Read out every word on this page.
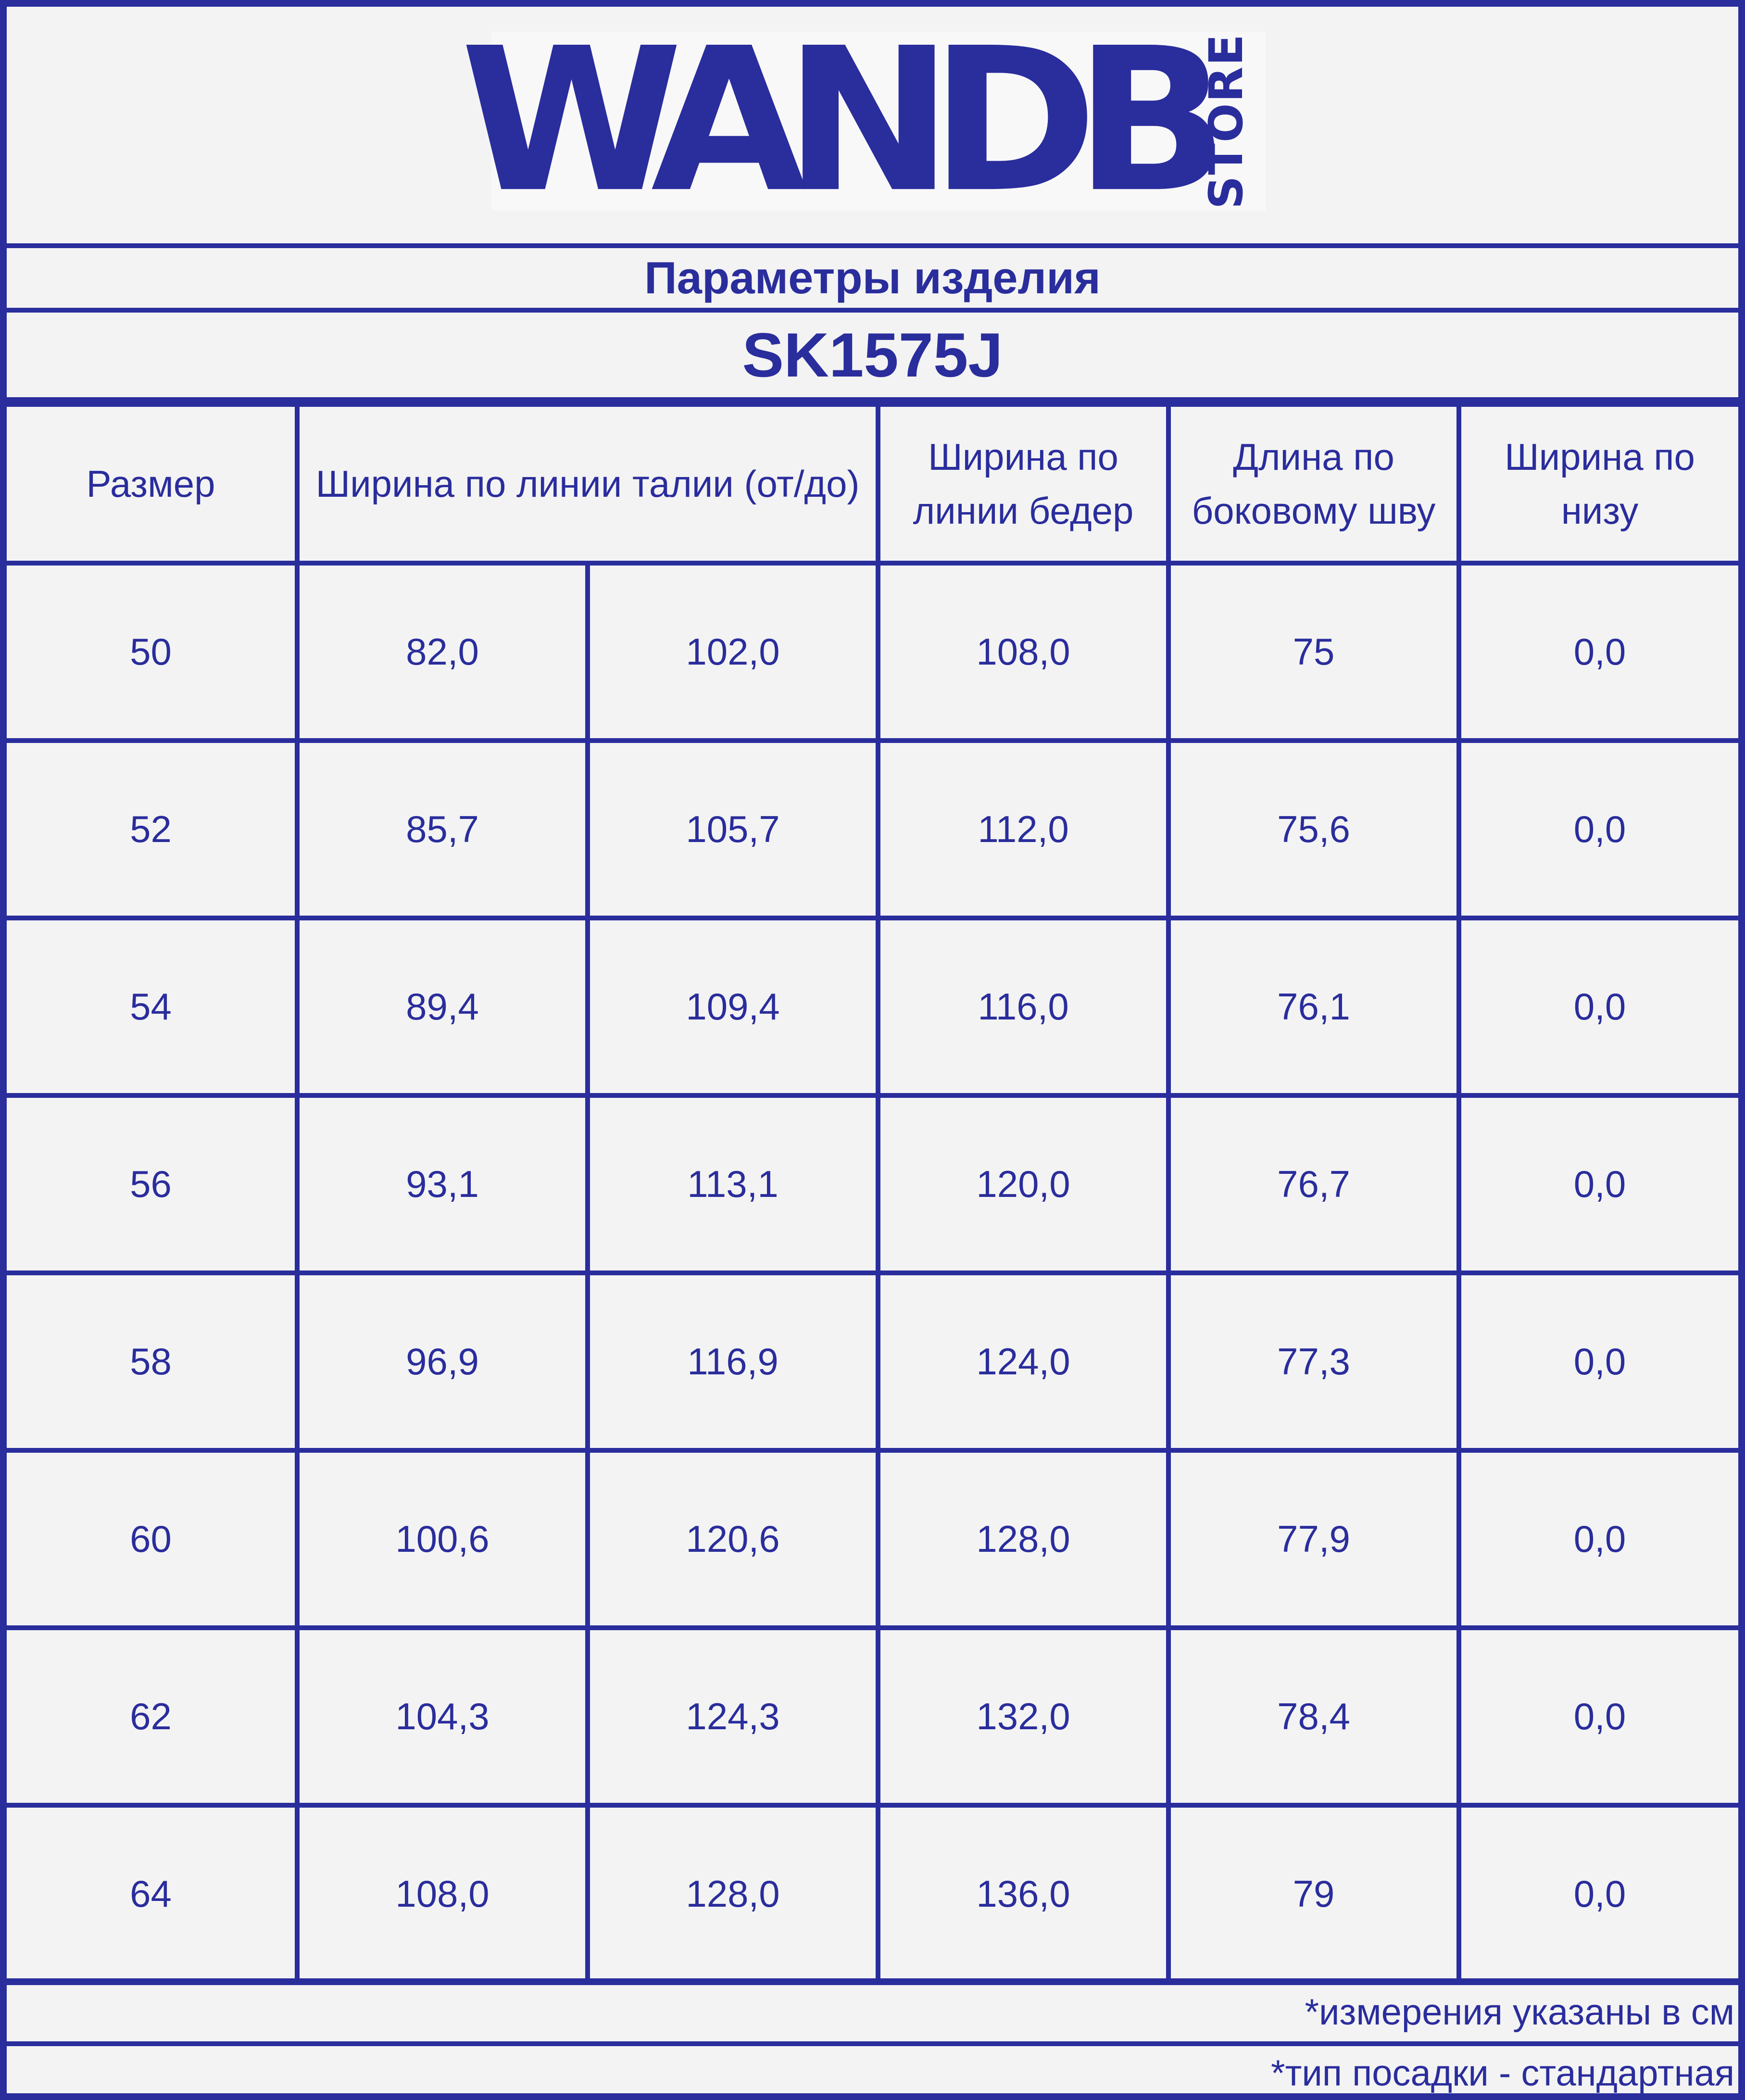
WANDB
STORE
Параметры изделия
SK1575J
Размер	Ширина по линии талии (от/до)		Ширина по линии бедер	Длина по боковому шву	Ширина по низу
50	82,0	102,0	108,0	75	0,0
52	85,7	105,7	112,0	75,6	0,0
54	89,4	109,4	116,0	76,1	0,0
56	93,1	113,1	120,0	76,7	0,0
58	96,9	116,9	124,0	77,3	0,0
60	100,6	120,6	128,0	77,9	0,0
62	104,3	124,3	132,0	78,4	0,0
64	108,0	128,0	136,0	79	0,0
*измерения указаны в см
*тип посадки - стандартная
